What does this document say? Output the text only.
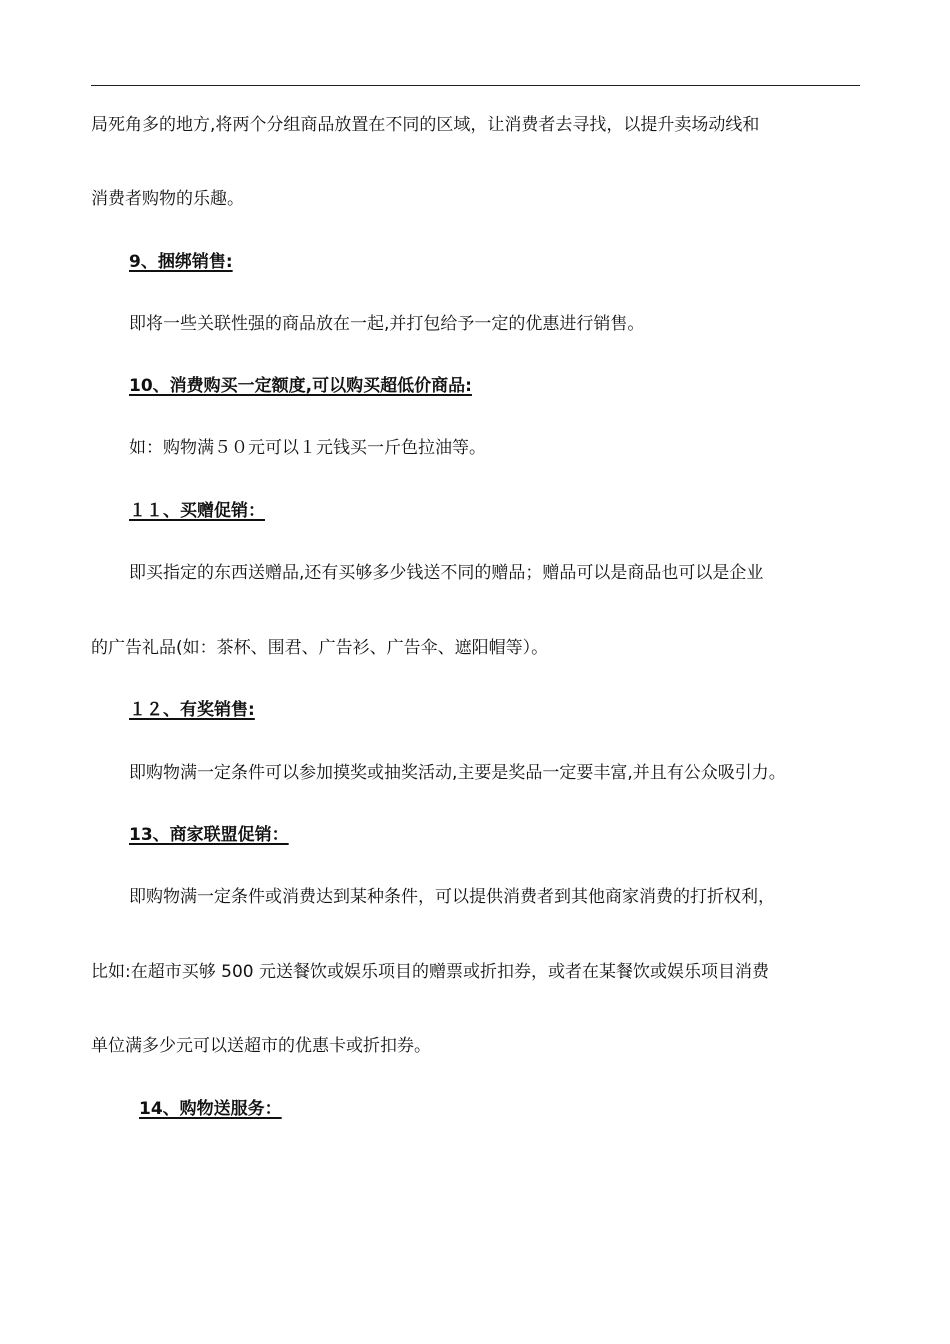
局死角多的地方,将两个分组商品放置在不同的区域，让消费者去寻找，以提升卖场动线和
消费者购物的乐趣。
9、捆绑销售:
即将一些关联性强的商品放在一起,并打包给予一定的优惠进行销售。
10、消费购买一定额度,可以购买超低价商品:
如：购物满５０元可以１元钱买一斤色拉油等。
１１、买赠促销：
即买指定的东西送赠品,还有买够多少钱送不同的赠品；赠品可以是商品也可以是企业
的广告礼品(如：茶杯、围君、广告衫、广告伞、遮阳帽等）。
１２、有奖销售:
即购物满一定条件可以参加摸奖或抽奖活动,主要是奖品一定要丰富,并且有公众吸引力。
13、商家联盟促销：
即购物满一定条件或消费达到某种条件，可以提供消费者到其他商家消费的打折权利，
比如:在超市买够 500 元送餐饮或娱乐项目的赠票或折扣券，或者在某餐饮或娱乐项目消费
单位满多少元可以送超市的优惠卡或折扣券。
14、购物送服务：
